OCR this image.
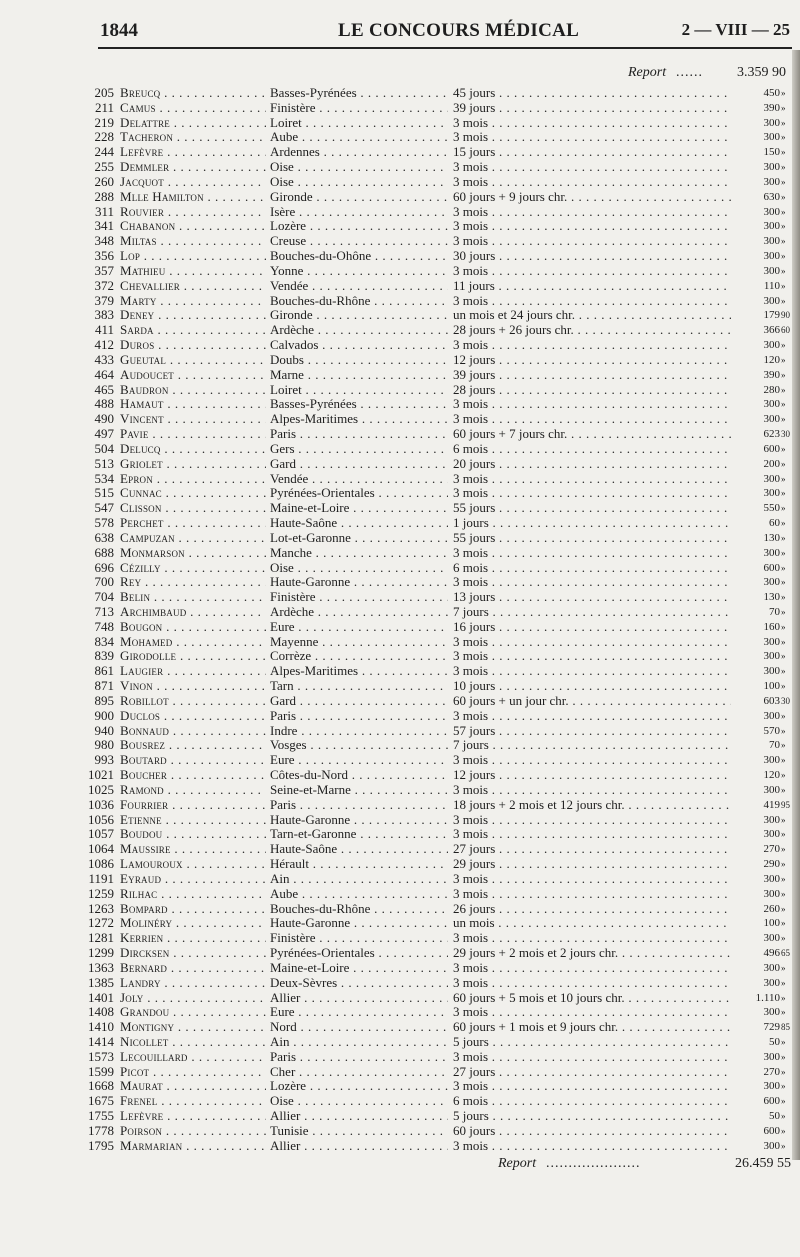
1844	LE CONCOURS MÉDICAL	2 — VIII — 25
Report ...... 3.359 90
205 Breucq . . .	Basses-Pyrénées . . .	45 jours . . .	450 »
211 Camus . . .	Finistère . . .	39 jours . . .	390 »
219 Delattre . . .	Loiret . . .	3 mois . . .	300 »
228 Tacheron . . .	Aube . . .	3 mois . . .	300 »
244 Lefèvre . . .	Ardennes . . .	15 jours . . .	150 »
255 Demmler . . .	Oise . . .	3 mois . . .	300 »
260 Jacquot . . .	Oise . . .	3 mois . . .	300 »
288 Mlle Hamilton . . .	Gironde . . .	60 jours + 9 jours chr. . . .	630 »
311 Rouvier . . .	Isère . . .	3 mois . . .	300 »
341 Chabanon . . .	Lozère . . .	3 mois . . .	300 »
348 Miltas . . .	Creuse . . .	3 mois . . .	300 »
356 Lop . . .	Bouches-du-Ohône . . .	30 jours . . .	300 »
357 Mathieu . . .	Yonne . . .	3 mois . . .	300 »
372 Chevallier . . .	Vendée . . .	11 jours . . .	110 »
379 Marty . . .	Bouches-du-Rhône . . .	3 mois . . .	300 »
383 Deney . . .	Gironde . . .	un mois et 24 jours chr. . . .	179 90
411 Sarda . . .	Ardèche . . .	28 jours + 26 jours chr. . . .	366 60
412 Duros . . .	Calvados . . .	3 mois . . .	300 »
433 Gueutal . . .	Doubs . . .	12 jours . . .	120 »
464 Audoucet . . .	Marne . . .	39 jours . . .	390 »
465 Baudron . . .	Loiret . . .	28 jours . . .	280 »
488 Hamaut . . .	Basses-Pyrénées . . .	3 mois . . .	300 »
490 Vincent . . .	Alpes-Maritimes . . .	3 mois . . .	300 »
497 Pavie . . .	Paris . . .	60 jours + 7 jours chr. . . .	623 30
504 Delucq . . .	Gers . . .	6 mois . . .	600 »
513 Griolet . . .	Gard . . .	20 jours . . .	200 »
534 Epron . . .	Vendée . . .	3 mois . . .	300 »
515 Cunnac . . .	Pyrénées-Orientales . . .	3 mois . . .	300 »
547 Clisson . . .	Maine-et-Loire . . .	55 jours . . .	550 »
578 Perchet . . .	Haute-Saône . . .	1 jours . . .	60 »
638 Campuzan . . .	Lot-et-Garonne . . .	55 jours . . .	130 »
688 Monmarson . . .	Manche . . .	3 mois . . .	300 »
696 Cézilly . . .	Oise . . .	6 mois . . .	600 »
700 Rey . . .	Haute-Garonne . . .	3 mois . . .	300 »
704 Belin . . .	Finistère . . .	13 jours . . .	130 »
713 Archimbaud . . .	Ardèche . . .	7 jours . . .	70 »
748 Bougon . . .	Eure . . .	16 jours . . .	160 »
834 Mohamed . . .	Mayenne . . .	3 mois . . .	300 »
839 Girodolle . . .	Corrèze . . .	3 mois . . .	300 »
861 Laugier . . .	Alpes-Maritimes . . .	3 mois . . .	300 »
871 Vinon . . .	Tarn . . .	10 jours . . .	100 »
895 Robillot . . .	Gard . . .	60 jours + un jour chr. . . .	603 30
900 Duclos . . .	Paris . . .	3 mois . . .	300 »
940 Bonnaud . . .	Indre . . .	57 jours . . .	570 »
980 Bousrez . . .	Vosges . . .	7 jours . . .	70 »
993 Boutard . . .	Eure . . .	3 mois . . .	300 »
1021 Boucher . . .	Côtes-du-Nord . . .	12 jours . . .	120 »
1025 Ramond . . .	Seine-et-Marne . . .	3 mois . . .	300 »
1036 Fourrier . . .	Paris . . .	18 jours + 2 mois et 12 jours chr. . . .	419 95
1056 Etienne . . .	Haute-Garonne . . .	3 mois . . .	300 »
1057 Boudou . . .	Tarn-et-Garonne . . .	3 mois . . .	300 »
1064 Maussire . . .	Haute-Saône . . .	27 jours . . .	270 »
1086 Lamouroux . . .	Hérault . . .	29 jours . . .	290 »
1191 Eyraud . . .	Ain . . .	3 mois . . .	300 »
1259 Rilhac . . .	Aube . . .	3 mois . . .	300 »
1263 Bompard . . .	Bouches-du-Rhône . . .	26 jours . . .	260 »
1272 Molinéry . . .	Haute-Garonne . . .	un mois . . .	100 »
1281 Kerrien . . .	Finistère . . .	3 mois . . .	300 »
1299 Dircksen . . .	Pyrénées-Orientales . . .	29 jours + 2 mois et 2 jours chr. . . .	496 65
1363 Bernard . . .	Maine-et-Loire . . .	3 mois . . .	300 »
1385 Landry . . .	Deux-Sèvres . . .	3 mois . . .	300 »
1401 Joly . . .	Allier . . .	60 jours + 5 mois et 10 jours chr. . . .	1.110 »
1408 Grandou . . .	Eure . . .	3 mois . . .	300 »
1410 Montigny . . .	Nord . . .	60 jours + 1 mois et 9 jours chr. . . .	729 85
1414 Nicollet . . .	Ain . . .	5 jours . . .	50 »
1573 Lecouillard . . .	Paris . . .	3 mois . . .	300 »
1599 Picot . . .	Cher . . .	27 jours . . .	270 »
1668 Maurat . . .	Lozère . . .	3 mois . . .	300 »
1675 Frenel . . .	Oise . . .	6 mois . . .	600 »
1755 Lefèvre . . .	Allier . . .	5 jours . . .	50 »
1778 Poirson . . .	Tunisie . . .	60 jours . . .	600 »
1795 Marmarian . . .	Allier . . .	3 mois . . .	300 »
Report .....................	26.459 55
